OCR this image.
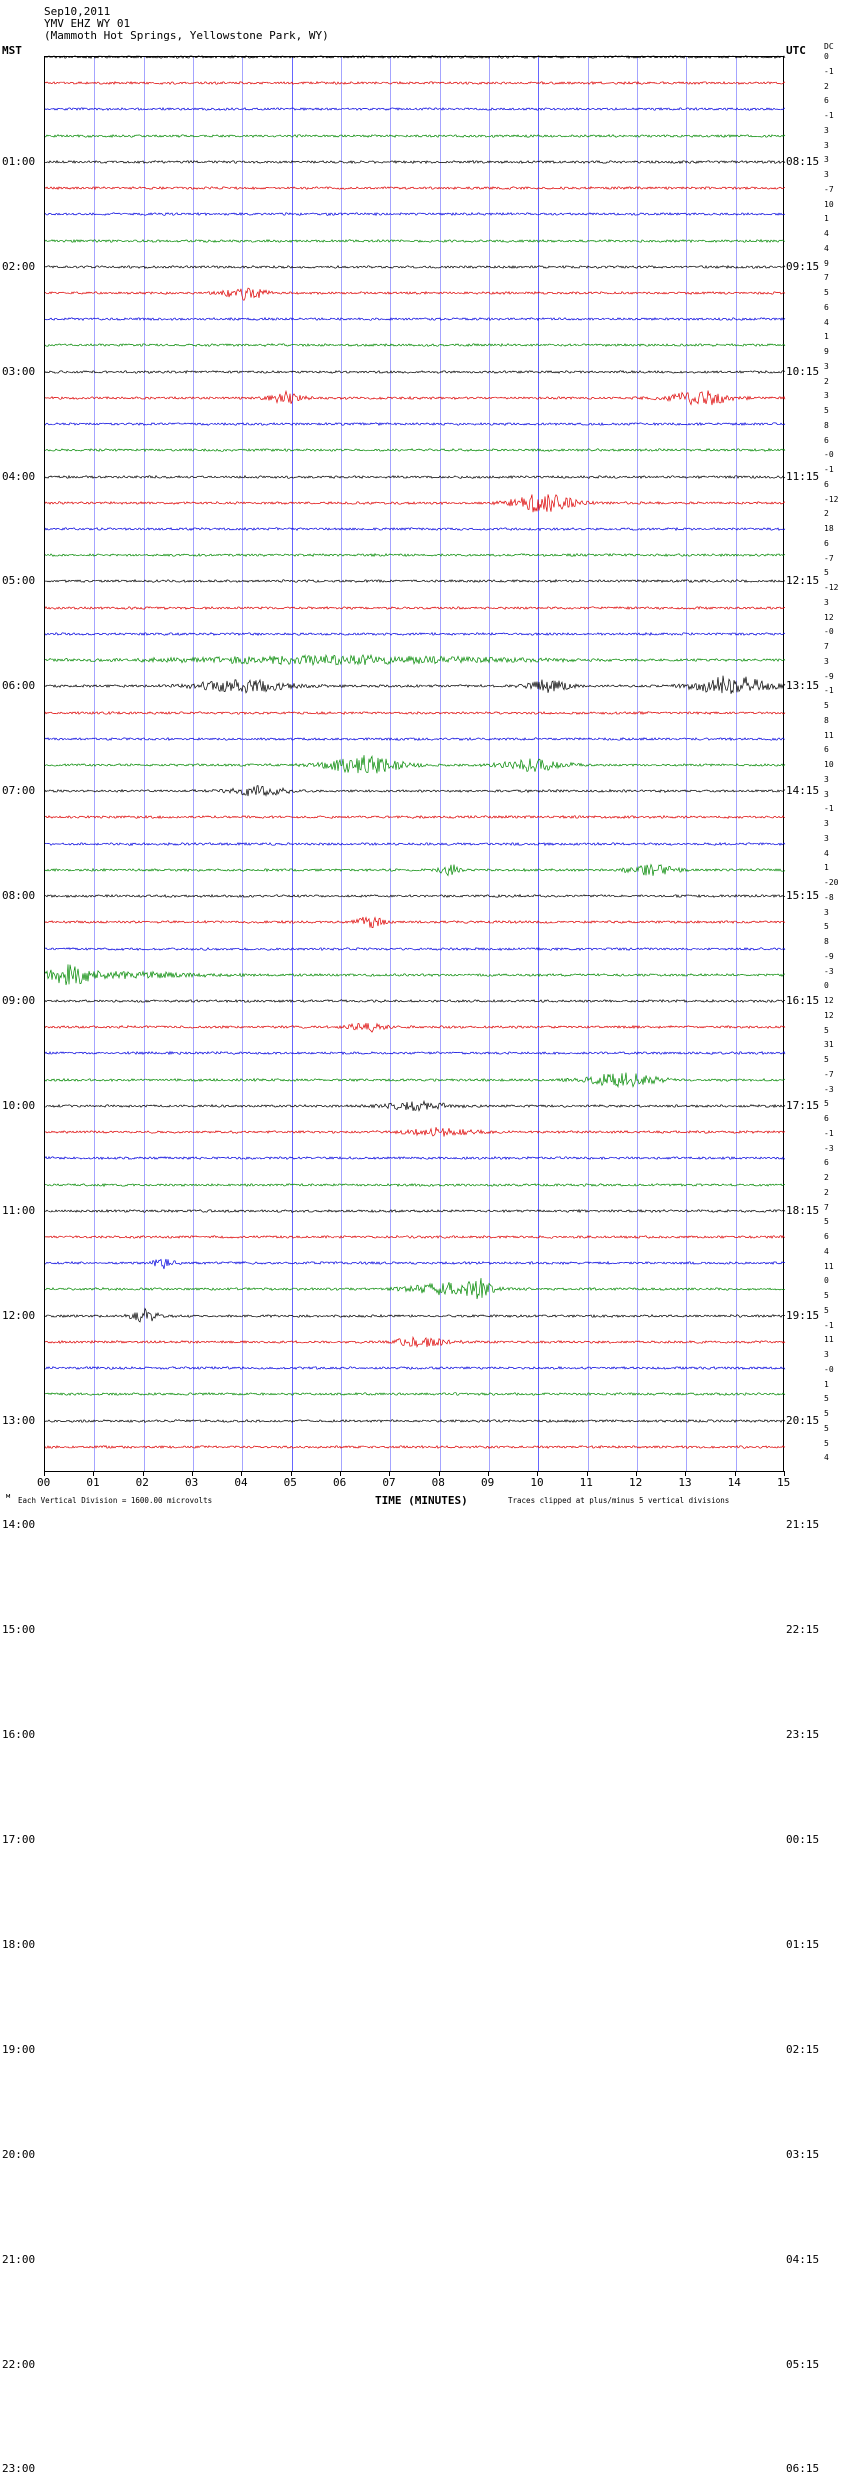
Sep10,2011
YMV EHZ WY 01
(Mammoth Hot Springs, Yellowstone Park, WY)
MST	UTC DC
01:00	08:15
02:00	09:15
03:00	10:15
04:00	11:15
05:00	12:15
06:00	13:15
07:00	14:15
08:00	15:15
09:00	16:15
10:00	17:15
11:00	18:15
12:00	19:15
13:00	20:15
14:00	21:15
15:00	22:15
16:00	23:15
17:00	00:15
18:00	01:15
19:00	02:15
20:00	03:15
21:00	04:15
22:00	05:15
23:00	06:15
0
-1
2
6
-1
3
3
3
3
-7
10
1
4
4
9
7
5
6
4
1
9
3
2
3
5
8
6
-0
-1
6
-12
2
18
6
-7
5
-12
3
12
-0
7
3
-9
-1
5
8
11
6
10
3
3
-1
3
3
4
1
-20
-8
3
5
8
-9
-3
0
12
12
5
31
5
-7
-3
5
6
-1
-3
6
2
2
7
5
6
4
11
0
5
5
-1
11
3
-0
1
5
5
5
5
4
00	01	02	03	04	05	06	07	08	09	10	11	12	13	14	15
TIME (MINUTES)
м Each Vertical Division = 1600.00 microvolts	Traces clipped at plus/minus 5 vertical divisions
